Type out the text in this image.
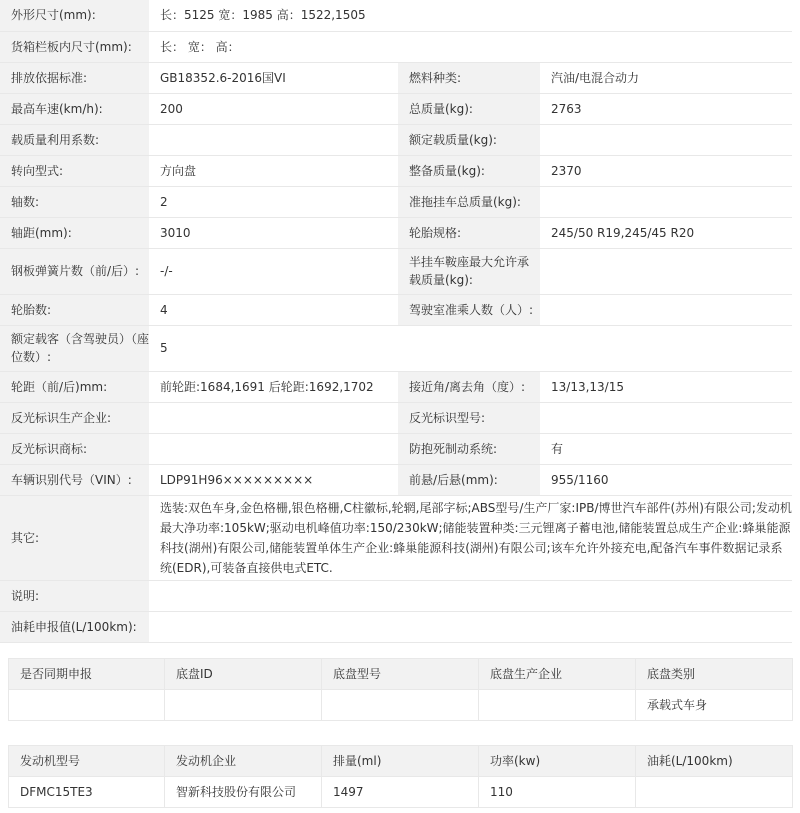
外形尺寸(mm):	长：5125 宽：1985 高：1522,1505		
货箱栏板内尺寸(mm):	长： 宽： 高：		
排放依据标准:	GB18352.6-2016国VI	燃料种类:	汽油/电混合动力
最高车速(km/h):	200	总质量(kg):	2763
载质量利用系数:		额定载质量(kg):	
转向型式:	方向盘	整备质量(kg):	2370
轴数:	2	准拖挂车总质量(kg):	
轴距(mm):	3010	轮胎规格:	245/50 R19,245/45 R20
钢板弹簧片数（前/后）:	-/-	半挂车鞍座最大允许承载质量(kg):	
轮胎数:	4	驾驶室准乘人数（人）:	
额定载客（含驾驶员）（座位数）:	5		
轮距（前/后)mm:	前轮距:1684,1691 后轮距:1692,1702	接近角/离去角（度）:	13/13,13/15
反光标识生产企业:		反光标识型号:	
反光标识商标:		防抱死制动系统:	有
车辆识别代号（VIN）:	LDP91H96×××××××××	前悬/后悬(mm):	955/1160
其它:	选装:双色车身,金色格栅,银色格栅,C柱徽标,轮辋,尾部字标;ABS型号/生产厂家:IPB/博世汽车部件(苏州)有限公司;发动机最大净功率:105kW;驱动电机峰值功率:150/230kW;储能装置种类:三元锂离子蓄电池,储能装置总成生产企业:蜂巢能源科技(湖州)有限公司,储能装置单体生产企业:蜂巢能源科技(湖州)有限公司;该车允许外接充电,配备汽车事件数据记录系统(EDR),可装备直接供电式ETC.		
说明:			
油耗申报值(L/100km):			
是否同期申报	底盘ID	底盘型号	底盘生产企业	底盘类别
				承载式车身
发动机型号	发动机企业	排量(ml)	功率(kw)	油耗(L/100km)
DFMC15TE3	智新科技股份有限公司	1497	110	
